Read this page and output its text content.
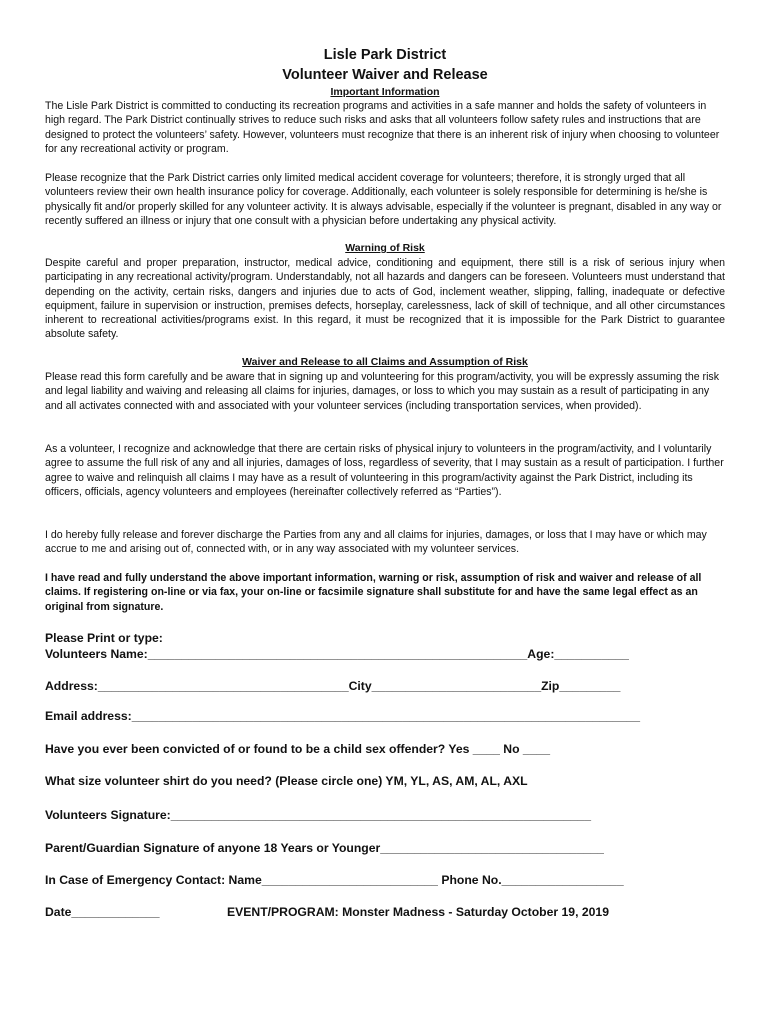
Lisle Park District
Volunteer Waiver and Release
Important Information

The Lisle Park District is committed to conducting its recreation programs and activities in a safe manner and holds the safety of volunteers in high regard. The Park District continually strives to reduce such risks and asks that all volunteers follow safety rules and instructions that are designed to protect the volunteers’ safety. However, volunteers must recognize that there is an inherent risk of injury when choosing to volunteer for any recreational activity or program.

Please recognize that the Park District carries only limited medical accident coverage for volunteers; therefore, it is strongly urged that all volunteers review their own health insurance policy for coverage. Additionally, each volunteer is solely responsible for determining is he/she is physically fit and/or properly skilled for any volunteer activity. It is always advisable, especially if the volunteer is pregnant, disabled in any way or recently suffered an illness or injury that one consult with a physician before undertaking any physical activity.

Warning of Risk

Despite careful and proper preparation, instructor, medical advice, conditioning and equipment, there still is a risk of serious injury when participating in any recreational activity/program. Understandably, not all hazards and dangers can be foreseen. Volunteers must understand that depending on the activity, certain risks, dangers and injuries due to acts of God, inclement weather, slipping, falling, inadequate or defective equipment, failure in supervision or instruction, premises defects, horseplay, carelessness, lack of skill of technique, and all other circumstances inherent to recreational activities/programs exist. In this regard, it must be recognized that it is impossible for the Park District to guarantee absolute safety.

Waiver and Release to all Claims and Assumption of Risk

Please read this form carefully and be aware that in signing up and volunteering for this program/activity, you will be expressly assuming the risk and legal liability and waiving and releasing all claims for injuries, damages, or loss to which you may sustain as a result of participating in any and all activates connected with and associated with your volunteer services (including transportation services, when provided).

As a volunteer, I recognize and acknowledge that there are certain risks of physical injury to volunteers in the program/activity, and I voluntarily agree to assume the full risk of any and all injuries, damages of loss, regardless of severity, that I may sustain as a result of participation. I further agree to waive and relinquish all claims I may have as a result of volunteering in this program/activity against the Park District, including its officers, officials, agency volunteers and employees (hereinafter collectively referred as “Parties”).

I do hereby fully release and forever discharge the Parties from any and all claims for injuries, damages, or loss that I may have or which may accrue to me and arising out of, connected with, or in any way associated with my volunteer services.

I have read and fully understand the above important information, warning or risk, assumption of risk and waiver and release of all claims. If registering on-line or via fax, your on-line or facsimile signature shall substitute for and have the same legal effect as an original from signature.

Please Print or type:
Volunteers Name:________________________________________________________Age:___________
Address:_____________________________________City_________________________Zip_________
Email address:___________________________________________________________________________
Have you ever been convicted of or found to be a child sex offender? Yes ____ No ____
What size volunteer shirt do you need? (Please circle one) YM, YL, AS, AM, AL, AXL
Volunteers Signature:______________________________________________________________
Parent/Guardian Signature of anyone 18 Years or Younger_________________________________
In Case of Emergency Contact: Name__________________________ Phone No.__________________
Date_____________	EVENT/PROGRAM: Monster Madness - Saturday October 19, 2019
